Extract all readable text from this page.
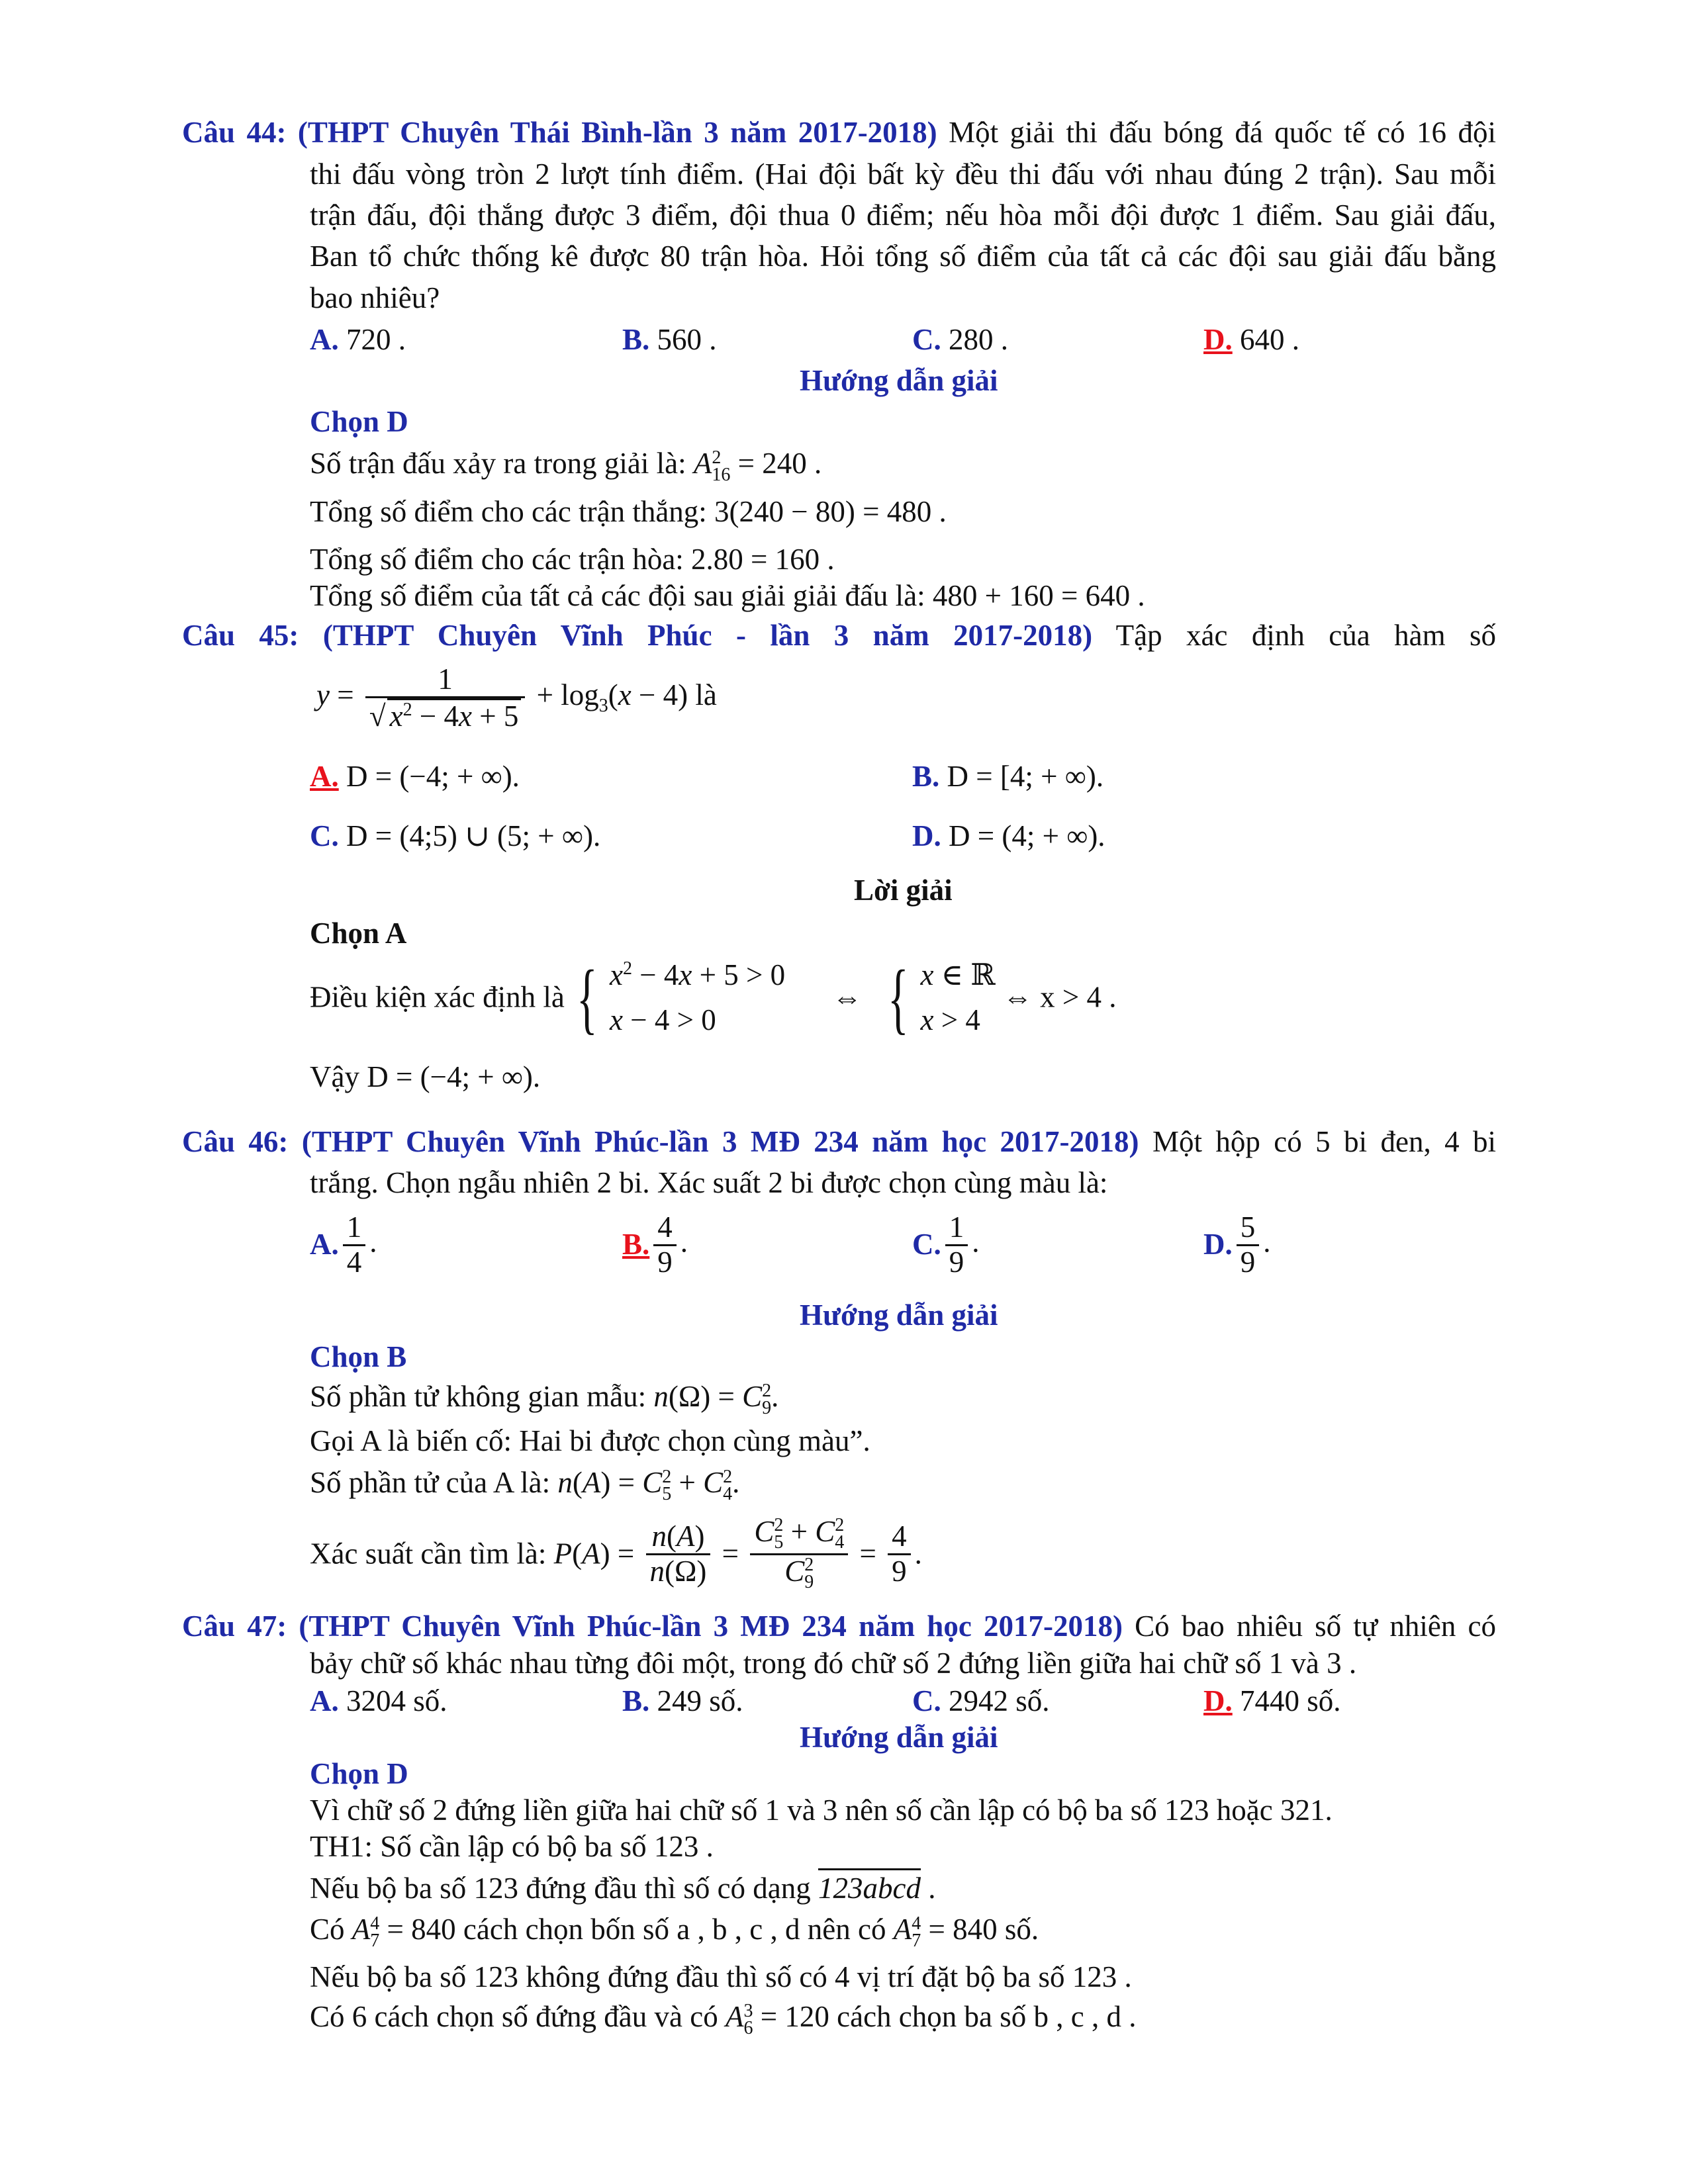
Câu 44: (THPT Chuyên Thái Bình-lần 3 năm 2017-2018) Một giải thi đấu bóng đá quốc tế có 16 đội
thi đấu vòng tròn 2 lượt tính điểm. (Hai đội bất kỳ đều thi đấu với nhau đúng 2 trận). Sau mỗi
trận đấu, đội thắng được 3 điểm, đội thua 0 điểm; nếu hòa mỗi đội được 1 điểm. Sau giải đấu,
Ban tổ chức thống kê được 80 trận hòa. Hỏi tổng số điểm của tất cả các đội sau giải đấu bằng
bao nhiêu?
A. 720 .	B. 560 .	C. 280 .	D. 640 .
Hướng dẫn giải
Chọn D
Số trận đấu xảy ra trong giải là: A 2
16 = 240 .
Tổng số điểm cho các trận thắng: 3(240 − 80) = 480 .
Tổng số điểm cho các trận hòa: 2.80 = 160 .
Tổng số điểm của tất cả các đội sau giải giải đấu là: 480 + 160 = 640 .
Câu 45: (THPT Chuyên Vĩnh Phúc - lần 3 năm 2017-2018) Tập xác định của hàm số
$y = \frac{1}{√ x^2 - 4x + 5} + \log_3(x - 4)$ là
A. D = (−4; + ∞).	B. D = [4; + ∞).
C. D = (4;5) ∪ (5; + ∞).	D. D = (4; + ∞).
Lời giải
Chọn A
Điều kiện xác định là { $x^2 - 4x + 5 > 0$
x − 4 > 0
⇔ { x ∈ ℝ
x > 4
⇔ x > 4 .
Vậy D = (−4; + ∞).
Câu 46: (THPT Chuyên Vĩnh Phúc-lần 3 MĐ 234 năm học 2017-2018) Một hộp có 5 bi đen, 4 bi
trắng. Chọn ngẫu nhiên 2 bi. Xác suất 2 bi được chọn cùng màu là:
A. $\frac{1}{4}$ .	B. $\frac{4}{9}$ .	C. $\frac{1}{9}$ .	D. $\frac{5}{9}$ .
Hướng dẫn giải
Chọn B
Số phần tử không gian mẫu: n(Ω) = C 2
9 .
Gọi A là biến cố: Hai bi được chọn cùng màu”.
Số phần tử của A là: n(A) = C 2
5 + C 2
4 .
Xác suất cần tìm là: $P(A) = \frac{n(A)}{n(\Omega)} = \frac{C^2_5 + C^2_4}{C^2_9} = \frac{4}{9}$ .
Câu 47: (THPT Chuyên Vĩnh Phúc-lần 3 MĐ 234 năm học 2017-2018) Có bao nhiêu số tự nhiên có
bảy chữ số khác nhau từng đôi một, trong đó chữ số 2 đứng liền giữa hai chữ số 1 và 3 .
A. 3204 số.	B. 249 số.	C. 2942 số.	D. 7440 số.
Hướng dẫn giải
Chọn D
Vì chữ số 2 đứng liền giữa hai chữ số 1 và 3 nên số cần lập có bộ ba số 123 hoặc 321.
TH1: Số cần lập có bộ ba số 123 .
Nếu bộ ba số 123 đứng đầu thì số có dạng 123abcd .
Có A 4
7 = 840 cách chọn bốn số a , b , c , d nên có A 4
7 = 840 số.
Nếu bộ ba số 123 không đứng đầu thì số có 4 vị trí đặt bộ ba số 123 .
Có 6 cách chọn số đứng đầu và có A 3
6 = 120 cách chọn ba số b , c , d .
